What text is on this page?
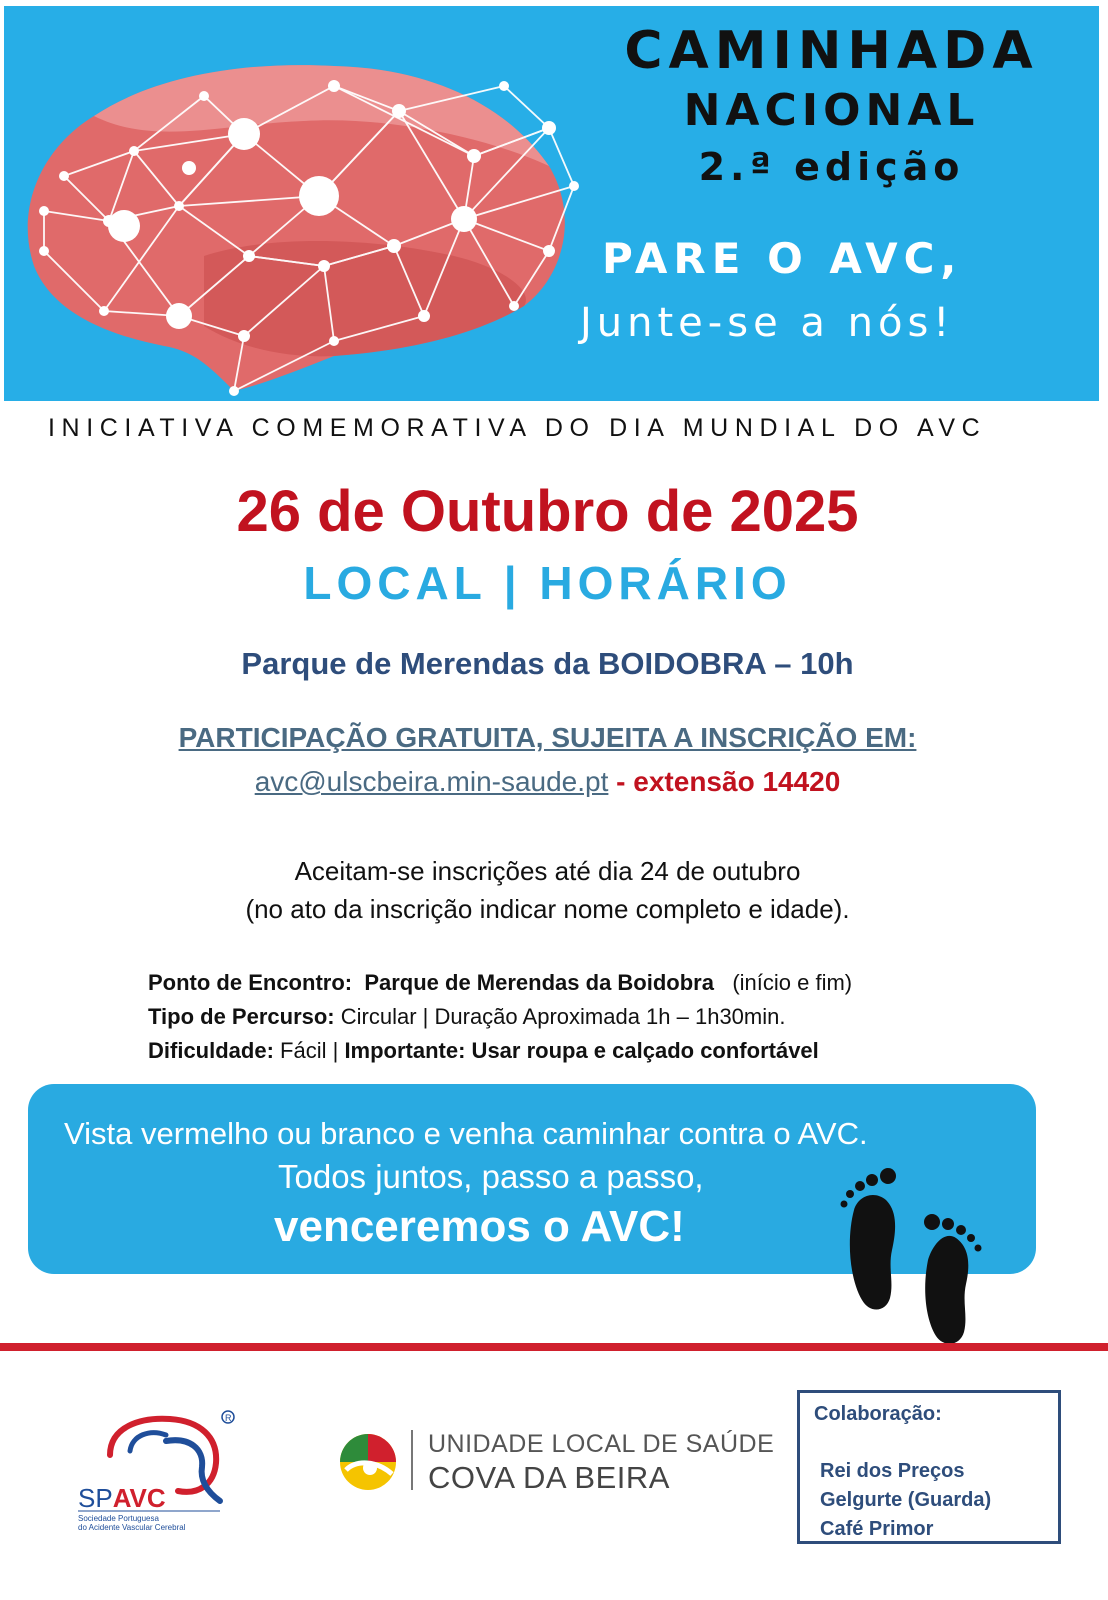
CAMINHADA
NACIONAL
2.ª edição
PARE O AVC,
Junte-se a nós!
INICIATIVA COMEMORATIVA DO DIA MUNDIAL DO AVC
26 de Outubro de 2025
LOCAL | HORÁRIO
Parque de Merendas da BOIDOBRA – 10h
PARTICIPAÇÃO GRATUITA, SUJEITA A INSCRIÇÃO EM:
avc@ulscbeira.min-saude.pt - extensão 14420
Aceitam-se inscrições até dia 24 de outubro
(no ato da inscrição indicar nome completo e idade).
Ponto de Encontro: Parque de Merendas da Boidobra (início e fim)
Tipo de Percurso: Circular | Duração Aproximada 1h – 1h30min.
Dificuldade: Fácil | Importante: Usar roupa e calçado confortável
Vista vermelho ou branco e venha caminhar contra o AVC.
Todos juntos, passo a passo,
venceremos o AVC!
R
SPAVC
Sociedade Portuguesa
do Acidente Vascular Cerebral
UNIDADE LOCAL DE SAÚDE
COVA DA BEIRA
Colaboração:
Rei dos Preços
Gelgurte (Guarda)
Café Primor
